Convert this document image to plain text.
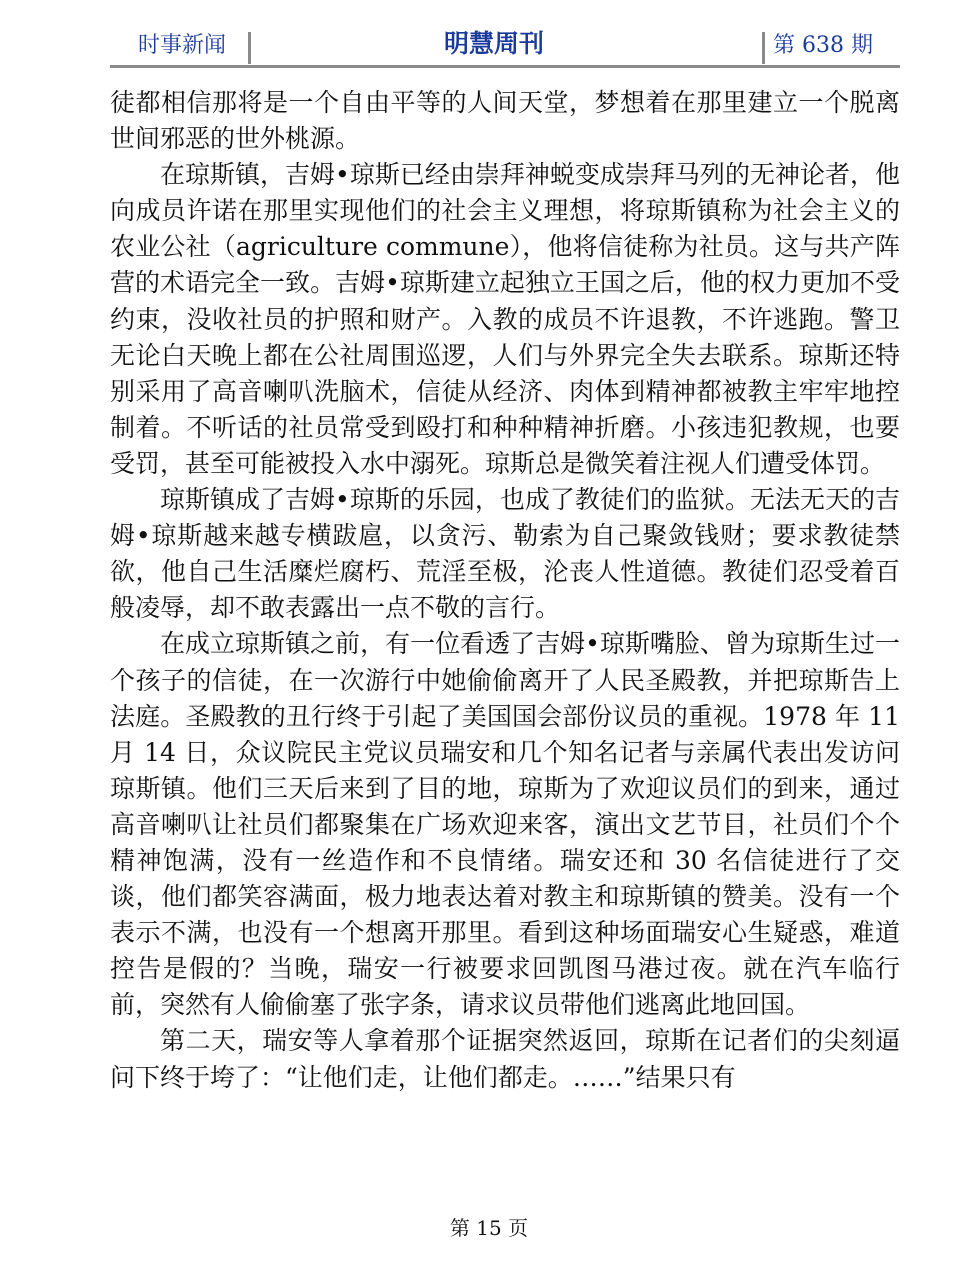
时事新闻	明慧周刊	第 638 期

徒都相信那将是一个自由平等的人间天堂，梦想着在那里建立一个脱离世间邪恶的世外桃源。

在琼斯镇，吉姆•琼斯已经由崇拜神蜕变成崇拜马列的无神论者，他向成员许诺在那里实现他们的社会主义理想，将琼斯镇称为社会主义的农业公社（agriculture commune），他将信徒称为社员。这与共产阵营的术语完全一致。吉姆•琼斯建立起独立王国之后，他的权力更加不受约束，没收社员的护照和财产。入教的成员不许退教，不许逃跑。警卫无论白天晚上都在公社周围巡逻，人们与外界完全失去联系。琼斯还特别采用了高音喇叭洗脑术，信徒从经济、肉体到精神都被教主牢牢地控制着。不听话的社员常受到殴打和种种精神折磨。小孩违犯教规，也要受罚，甚至可能被投入水中溺死。琼斯总是微笑着注视人们遭受体罚。

琼斯镇成了吉姆•琼斯的乐园，也成了教徒们的监狱。无法无天的吉姆•琼斯越来越专横跋扈，以贪污、勒索为自己聚敛钱财；要求教徒禁欲，他自己生活糜烂腐朽、荒淫至极，沦丧人性道德。教徒们忍受着百般凌辱，却不敢表露出一点不敬的言行。

在成立琼斯镇之前，有一位看透了吉姆•琼斯嘴脸、曾为琼斯生过一个孩子的信徒，在一次游行中她偷偷离开了人民圣殿教，并把琼斯告上法庭。圣殿教的丑行终于引起了美国国会部份议员的重视。1978 年 11 月 14 日，众议院民主党议员瑞安和几个知名记者与亲属代表出发访问琼斯镇。他们三天后来到了目的地，琼斯为了欢迎议员们的到来，通过高音喇叭让社员们都聚集在广场欢迎来客，演出文艺节目，社员们个个精神饱满，没有一丝造作和不良情绪。瑞安还和 30 名信徒进行了交谈，他们都笑容满面，极力地表达着对教主和琼斯镇的赞美。没有一个表示不满，也没有一个想离开那里。看到这种场面瑞安心生疑惑，难道控告是假的？当晚，瑞安一行被要求回凯图马港过夜。就在汽车临行前，突然有人偷偷塞了张字条，请求议员带他们逃离此地回国。

第二天，瑞安等人拿着那个证据突然返回，琼斯在记者们的尖刻逼问下终于垮了：“让他们走，让他们都走。……”结果只有

第 15 页
